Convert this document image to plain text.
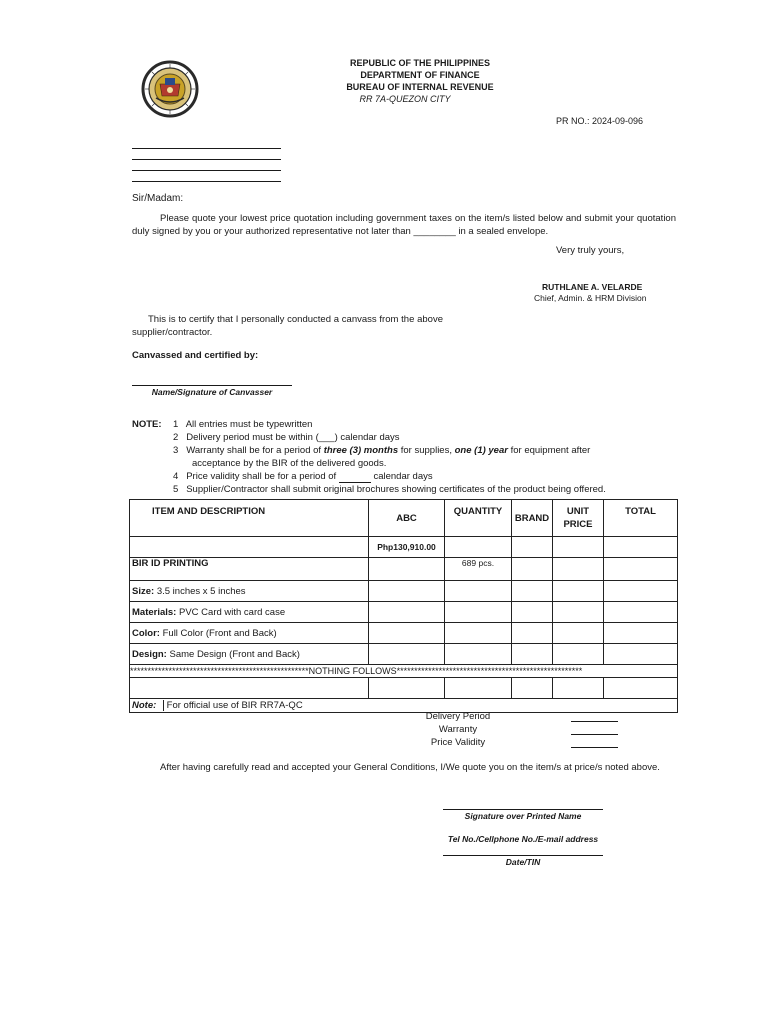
REPUBLIC OF THE PHILIPPINES
DEPARTMENT OF FINANCE
BUREAU OF INTERNAL REVENUE
RR 7A-QUEZON CITY
PR NO.: 2024-09-096
Sir/Madam:
Please quote your lowest price quotation including government taxes on the item/s listed below and submit your quotation duly signed by you or your authorized representative not later than ________ in a sealed envelope.
Very truly yours,
RUTHLANE A. VELARDE
Chief, Admin. & HRM Division
This is to certify that I personally conducted a canvass from the above supplier/contractor.
Canvassed and certified by:
Name/Signature of Canvasser
NOTE: 1 All entries must be typewritten
2 Delivery period must be within (___) calendar days
3 Warranty shall be for a period of three (3) months for supplies, one (1) year for equipment after
acceptance by the BIR of the delivered goods.
4 Price validity shall be for a period of	calendar days
5 Supplier/Contractor shall submit original brochures showing certificates of the product being offered.
ITEM AND DESCRIPTION	ABC	QUANTITY	BRAND	UNIT PRICE	TOTAL
	Php130,910.00				
BIR ID PRINTING		689 pcs.			
Size: 3.5 inches x 5 inches					
Materials: PVC Card with card case					
Color: Full Color (Front and Back)					
Design: Same Design (Front and Back)					
***************************************************NOTHING FOLLOWS*****************************************************					

Note: For official use of BIR RR7A-QC					
Delivery Period
Warranty
Price Validity
After having carefully read and accepted your General Conditions, I/We quote you on the item/s at price/s noted above.
Signature over Printed Name
Tel No./Cellphone No./E-mail address
Date/TIN
